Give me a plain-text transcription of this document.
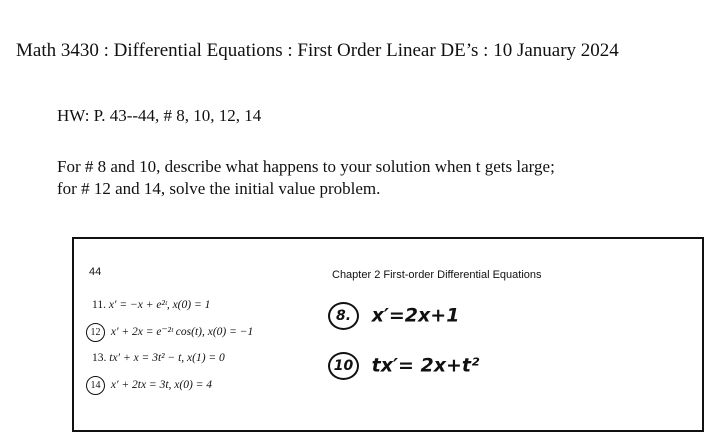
Math 3430 : Differential Equations : First Order Linear DE’s : 10 January 2024
HW: P. 43--44, # 8, 10, 12, 14
For # 8 and 10, describe what happens to your solution when t gets large;
for # 12 and 14, solve the initial value problem.
44	Chapter 2 First-order Differential Equations
11. x′ = −x + e²ᵗ, x(0) = 1
12 x′ + 2x = e⁻²ᵗ cos(t), x(0) = −1
13. tx′ + x = 3t² − t, x(1) = 0
14 x′ + 2tx = 3t, x(0) = 4
8. x′=2x+1
10 tx′= 2x+t²
